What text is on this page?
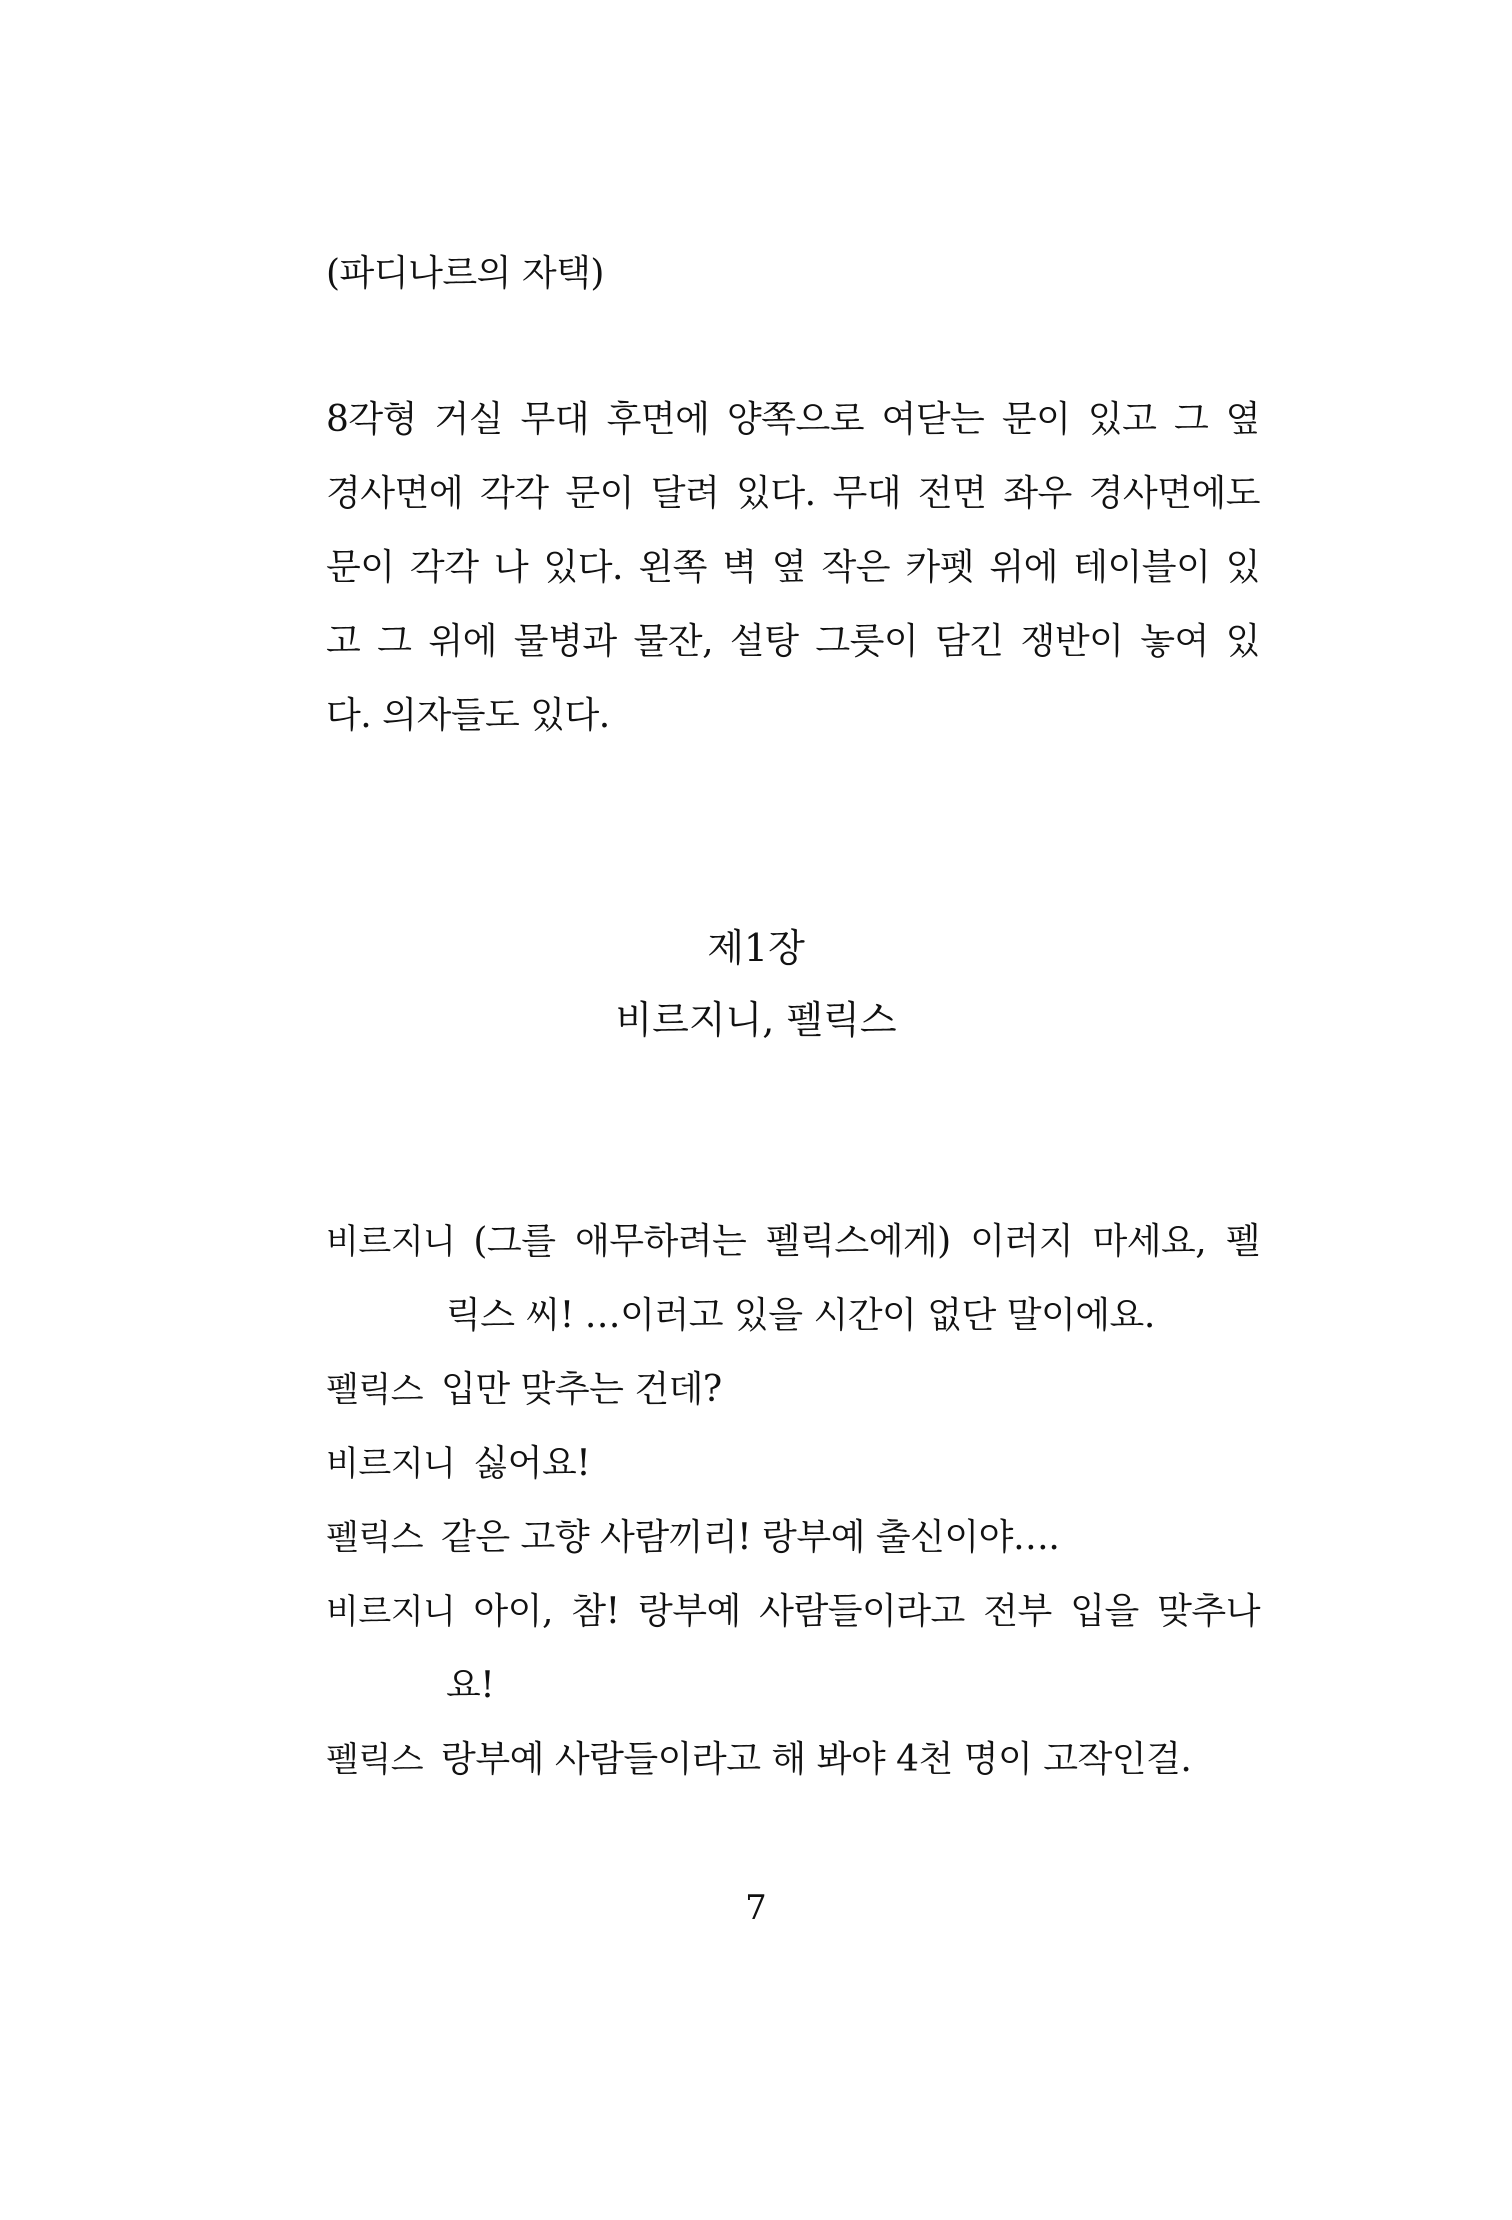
(파디나르의 자택)
8각형 거실 무대 후면에 양쪽으로 여닫는 문이 있고 그 옆
경사면에 각각 문이 달려 있다. 무대 전면 좌우 경사면에도
문이 각각 나 있다. 왼쪽 벽 옆 작은 카펫 위에 테이블이 있
고 그 위에 물병과 물잔, 설탕 그릇이 담긴 쟁반이 놓여 있
다. 의자들도 있다.
제1장
비르지니, 펠릭스
비르지니 (그를 애무하려는 펠릭스에게) 이러지 마세요, 펠
릭스 씨! …이러고 있을 시간이 없단 말이에요.
펠릭스 입만 맞추는 건데?
비르지니 싫어요!
펠릭스 같은 고향 사람끼리! 랑부예 출신이야….
비르지니 아이, 참! 랑부예 사람들이라고 전부 입을 맞추나
요!
펠릭스 랑부예 사람들이라고 해 봐야 4천 명이 고작인걸.
7
